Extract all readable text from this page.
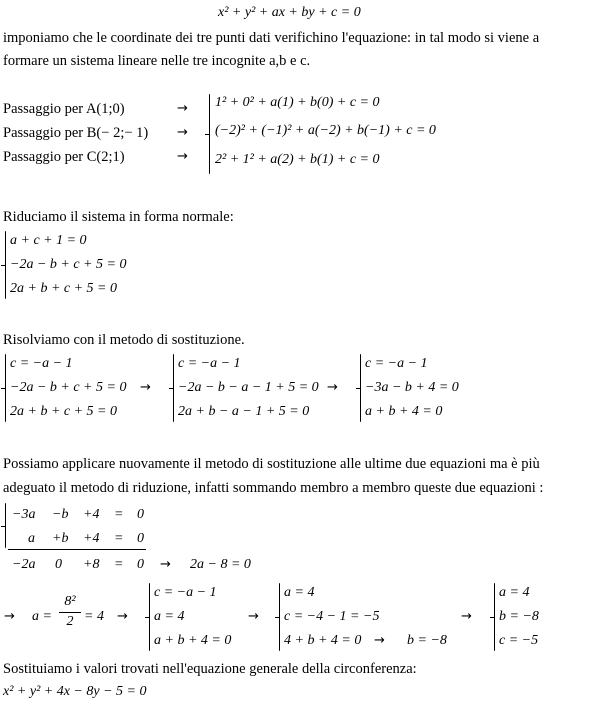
x² + y² + ax + by + c = 0
imponiamo che le coordinate dei tre punti dati verifichino l'equazione: in tal modo si viene a
formare un sistema lineare nelle tre incognite a,b e c.
Passaggio per A(1;0)
Passaggio per B(− 2;− 1)
Passaggio per C(2;1)
→
→
→
1² + 0² + a(1) + b(0) + c = 0
(−2)² + (−1)² + a(−2) + b(−1) + c = 0
2² + 1² + a(2) + b(1) + c = 0
Riduciamo il sistema in forma normale:
a + c + 1 = 0
−2a − b + c + 5 = 0
2a + b + c + 5 = 0
Risolviamo con il metodo di sostituzione.
c = −a − 1
−2a − b + c + 5 = 0
2a + b + c + 5 = 0
→
c = −a − 1
−2a − b − a − 1 + 5 = 0
2a + b − a − 1 + 5 = 0
→
c = −a − 1
−3a − b + 4 = 0
a + b + 4 = 0
Possiamo applicare nuovamente il metodo di sostituzione alle ultime due equazioni ma è più
adeguato il metodo di riduzione, infatti sommando membro a membro queste due equazioni :
−3a −b +4 = 0
a +b +4 = 0
−2a 0 +8 = 0 → 2a − 8 = 0
→ a =
8²
2 = 4 →
c = −a − 1
a = 4
a + b + 4 = 0
→
a = 4
c = −4 − 1 = −5
4 + b + 4 = 0 → b = −8
→
a = 4
b = −8
c = −5
Sostituiamo i valori trovati nell'equazione generale della circonferenza:
x² + y² + 4x − 8y − 5 = 0
